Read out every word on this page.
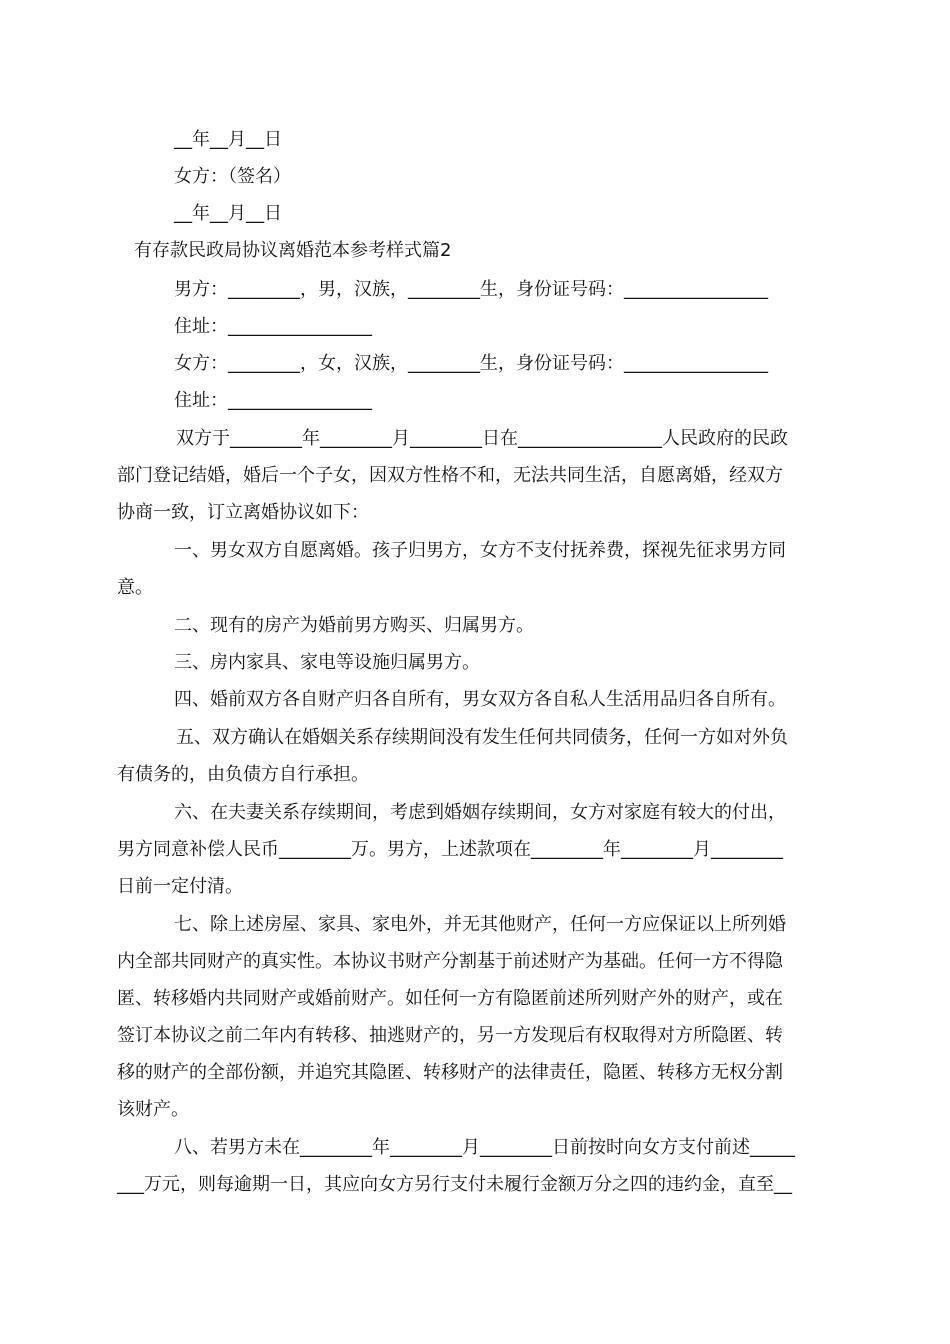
__年__月__日
女方：（签名）
__年__月__日
有存款民政局协议离婚范本参考样式篇2
男方：________，男，汉族，________生，身份证号码：________________
住址：________________
女方：________，女，汉族，________生，身份证号码：________________
住址：________________
双方于________年________月________日在________________人民政府的民政
部门登记结婚，婚后一个子女，因双方性格不和，无法共同生活，自愿离婚，经双方
协商一致，订立离婚协议如下：
一、男女双方自愿离婚。孩子归男方，女方不支付抚养费，探视先征求男方同
意。
二、现有的房产为婚前男方购买、归属男方。
三、房内家具、家电等设施归属男方。
四、婚前双方各自财产归各自所有，男女双方各自私人生活用品归各自所有。
五、双方确认在婚姻关系存续期间没有发生任何共同债务，任何一方如对外负
有债务的，由负债方自行承担。
六、在夫妻关系存续期间，考虑到婚姻存续期间，女方对家庭有较大的付出，
男方同意补偿人民币________万。男方，上述款项在________年________月________
日前一定付清。
七、除上述房屋、家具、家电外，并无其他财产，任何一方应保证以上所列婚
内全部共同财产的真实性。本协议书财产分割基于前述财产为基础。任何一方不得隐
匿、转移婚内共同财产或婚前财产。如任何一方有隐匿前述所列财产外的财产，或在
签订本协议之前二年内有转移、抽逃财产的，另一方发现后有权取得对方所隐匿、转
移的财产的全部份额，并追究其隐匿、转移财产的法律责任，隐匿、转移方无权分割
该财产。
八、若男方未在________年________月________日前按时向女方支付前述_____
___万元，则每逾期一日，其应向女方另行支付未履行金额万分之四的违约金，直至__
